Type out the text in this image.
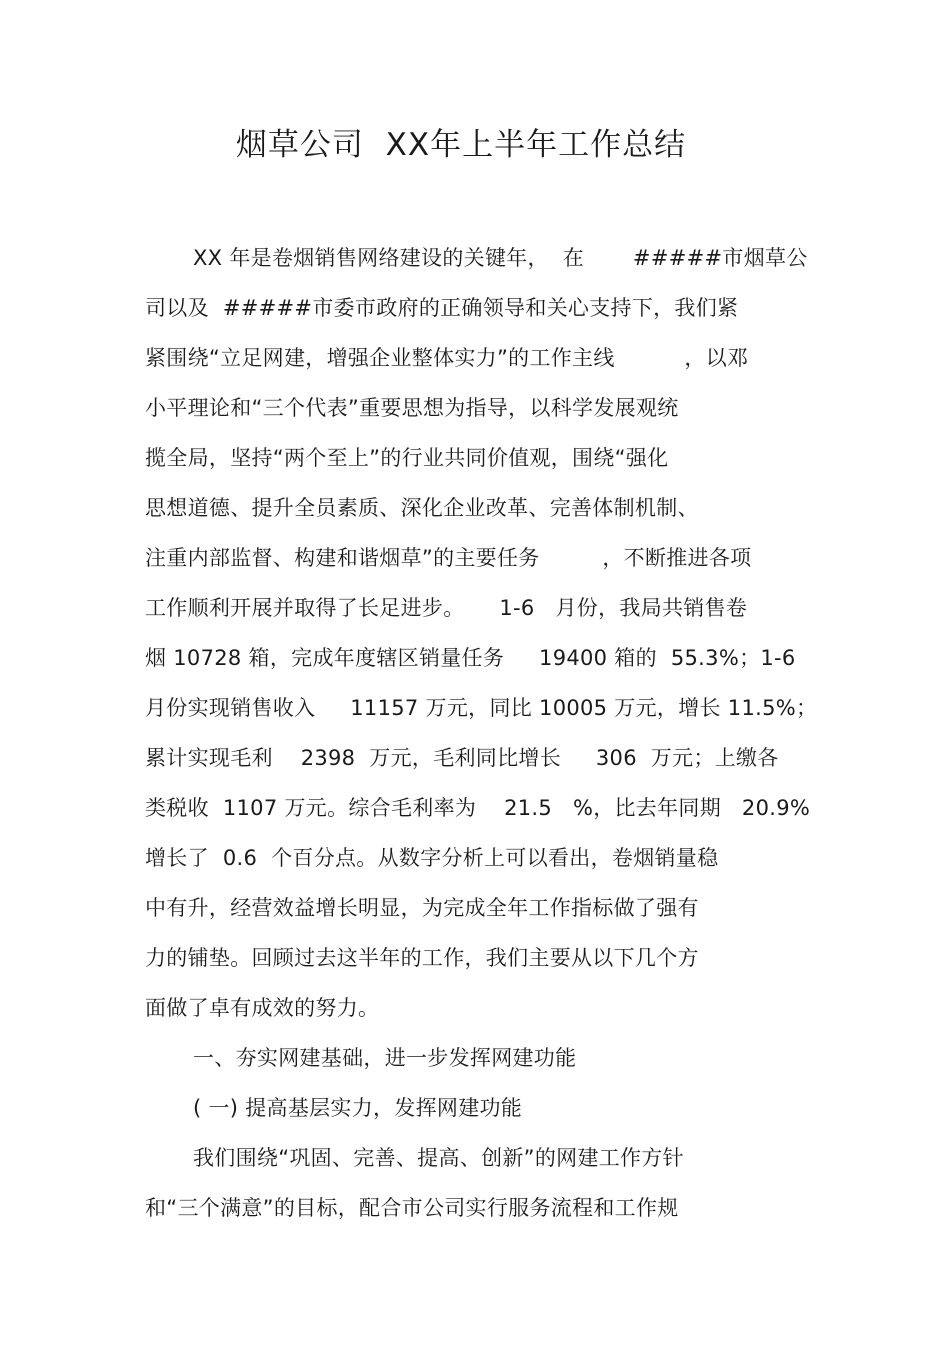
烟草公司  XX年上半年工作总结
XX 年是卷烟销售网络建设的关键年，  在       #####市烟草公
司以及  #####市委市政府的正确领导和关心支持下，我们紧
紧围绕“立足网建，增强企业整体实力”的工作主线          ，以邓
小平理论和“三个代表”重要思想为指导，以科学发展观统
揽全局，坚持“两个至上”的行业共同价值观，围绕“强化
思想道德、提升全员素质、深化企业改革、完善体制机制、
注重内部监督、构建和谐烟草”的主要任务         ，不断推进各项
工作顺利开展并取得了长足进步。     1-6   月份，我局共销售卷
烟 10728 箱，完成年度辖区销量任务     19400 箱的  55.3%；1-6
月份实现销售收入     11157 万元，同比 10005 万元，增长 11.5%；
累计实现毛利    2398  万元，毛利同比增长     306  万元；上缴各
类税收  1107 万元。综合毛利率为    21.5   %，比去年同期   20.9%
增长了  0.6  个百分点。从数字分析上可以看出，卷烟销量稳
中有升，经营效益增长明显，为完成全年工作指标做了强有
力的铺垫。回顾过去这半年的工作，我们主要从以下几个方
面做了卓有成效的努力。
一、夯实网建基础，进一步发挥网建功能
( 一) 提高基层实力，发挥网建功能
我们围绕“巩固、完善、提高、创新”的网建工作方针
和“三个满意”的目标，配合市公司实行服务流程和工作规
